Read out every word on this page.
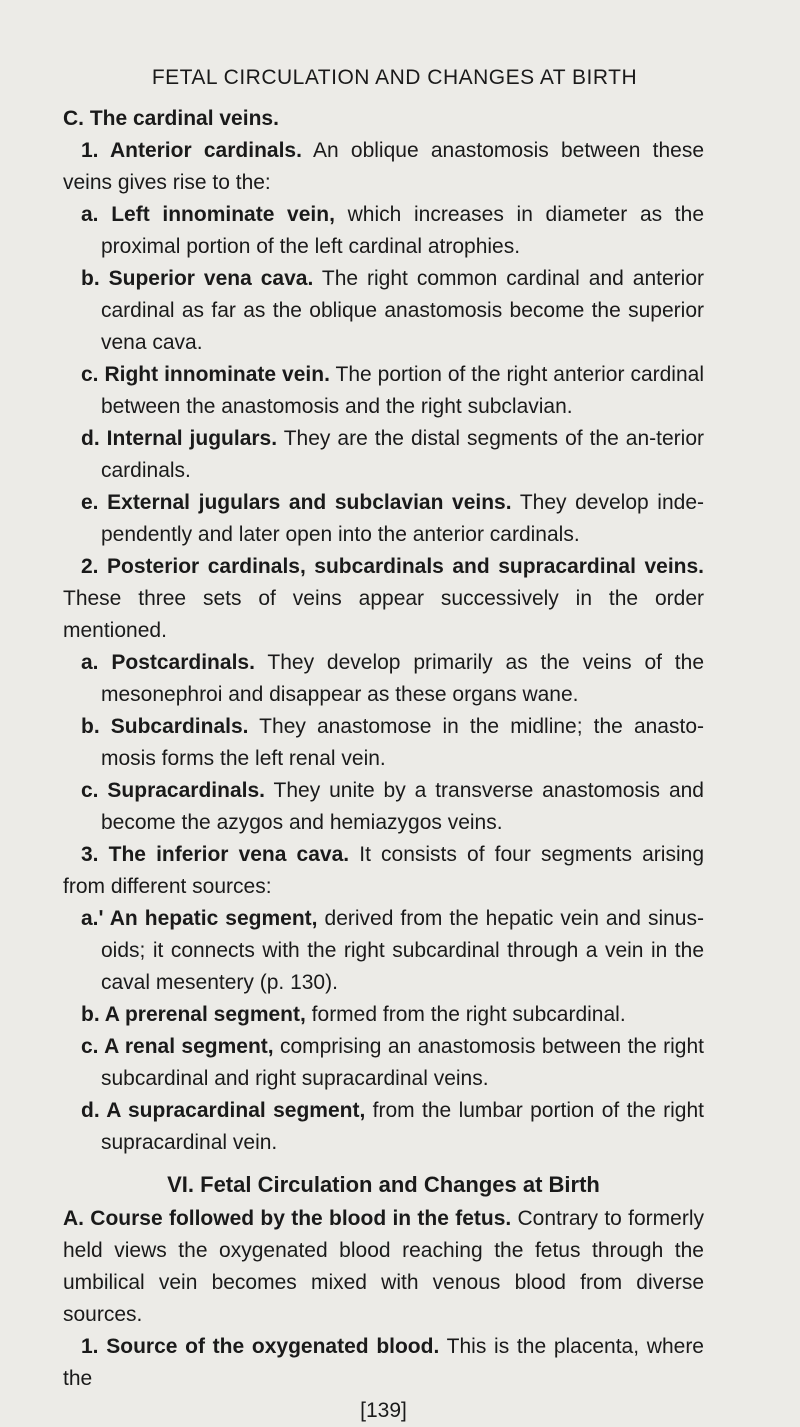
FETAL CIRCULATION AND CHANGES AT BIRTH

C. The cardinal veins.

1. Anterior cardinals. An oblique anastomosis between these veins gives rise to the:

a. Left innominate vein, which increases in diameter as the proximal portion of the left cardinal atrophies.

b. Superior vena cava. The right common cardinal and anterior cardinal as far as the oblique anastomosis become the superior vena cava.

c. Right innominate vein. The portion of the right anterior cardinal between the anastomosis and the right subclavian.

d. Internal jugulars. They are the distal segments of the an-terior cardinals.

e. External jugulars and subclavian veins. They develop inde-pendently and later open into the anterior cardinals.

2. Posterior cardinals, subcardinals and supracardinal veins. These three sets of veins appear successively in the order mentioned.

a. Postcardinals. They develop primarily as the veins of the mesonephroi and disappear as these organs wane.

b. Subcardinals. They anastomose in the midline; the anasto-mosis forms the left renal vein.

c. Supracardinals. They unite by a transverse anastomosis and become the azygos and hemiazygos veins.

3. The inferior vena cava. It consists of four segments arising from different sources:

a.ʹ An hepatic segment, derived from the hepatic vein and sinus-oids; it connects with the right subcardinal through a vein in the caval mesentery (p. 130).

b. A prerenal segment, formed from the right subcardinal.

c. A renal segment, comprising an anastomosis between the right subcardinal and right supracardinal veins.

d. A supracardinal segment, from the lumbar portion of the right supracardinal vein.

VI. Fetal Circulation and Changes at Birth

A. Course followed by the blood in the fetus. Contrary to formerly held views the oxygenated blood reaching the fetus through the umbilical vein becomes mixed with venous blood from diverse sources.

1. Source of the oxygenated blood. This is the placenta, where the

[139]
